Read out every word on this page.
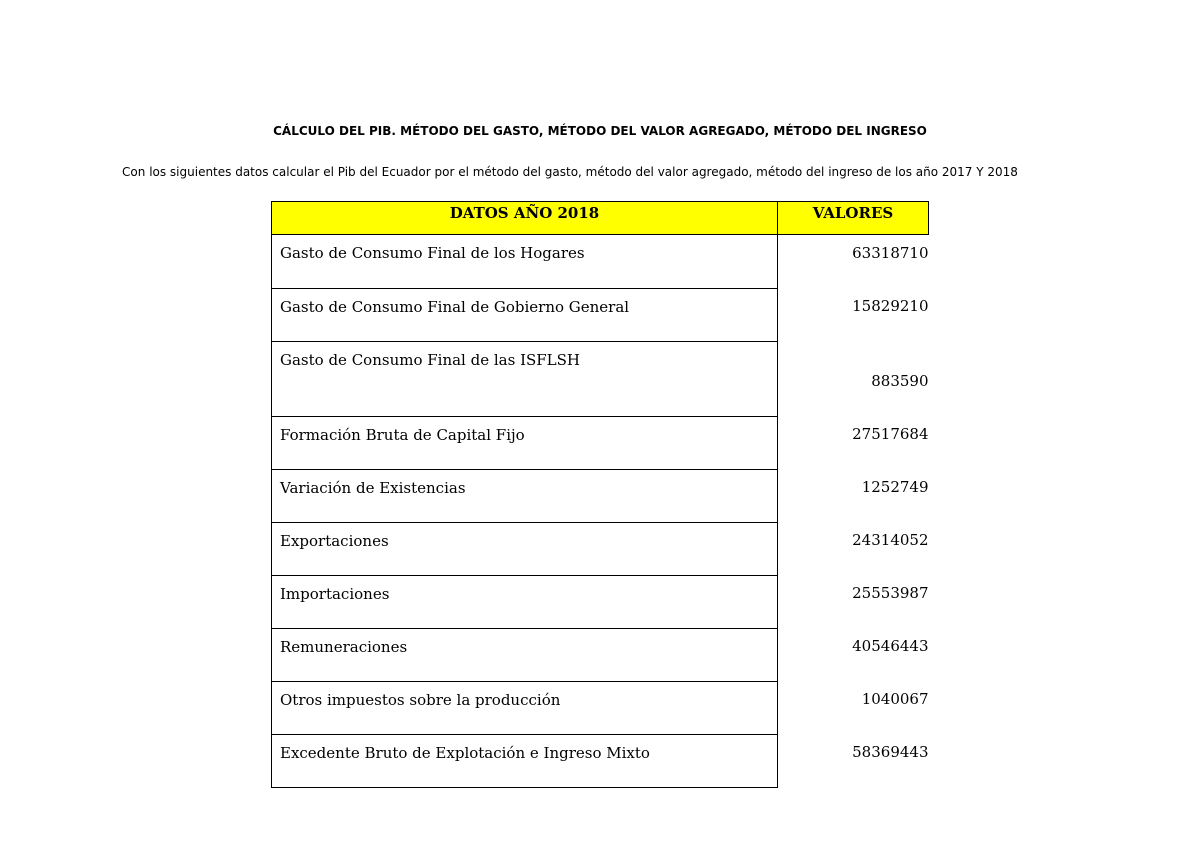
CÁLCULO DEL PIB. MÉTODO DEL GASTO, MÉTODO DEL VALOR AGREGADO, MÉTODO DEL INGRESO
Con los siguientes datos calcular el Pib del Ecuador por el método del gasto, método del valor agregado, método del ingreso de los año 2017 Y 2018
DATOS AÑO 2018	VALORES
Gasto de Consumo Final de los Hogares	63318710
Gasto de Consumo Final de Gobierno General	15829210
Gasto de Consumo Final de las ISFLSH	883590
Formación Bruta de Capital Fijo	27517684
Variación de Existencias	1252749
Exportaciones	24314052
Importaciones	25553987
Remuneraciones	40546443
Otros impuestos sobre la producción	1040067
Excedente Bruto de Explotación e Ingreso Mixto	58369443
